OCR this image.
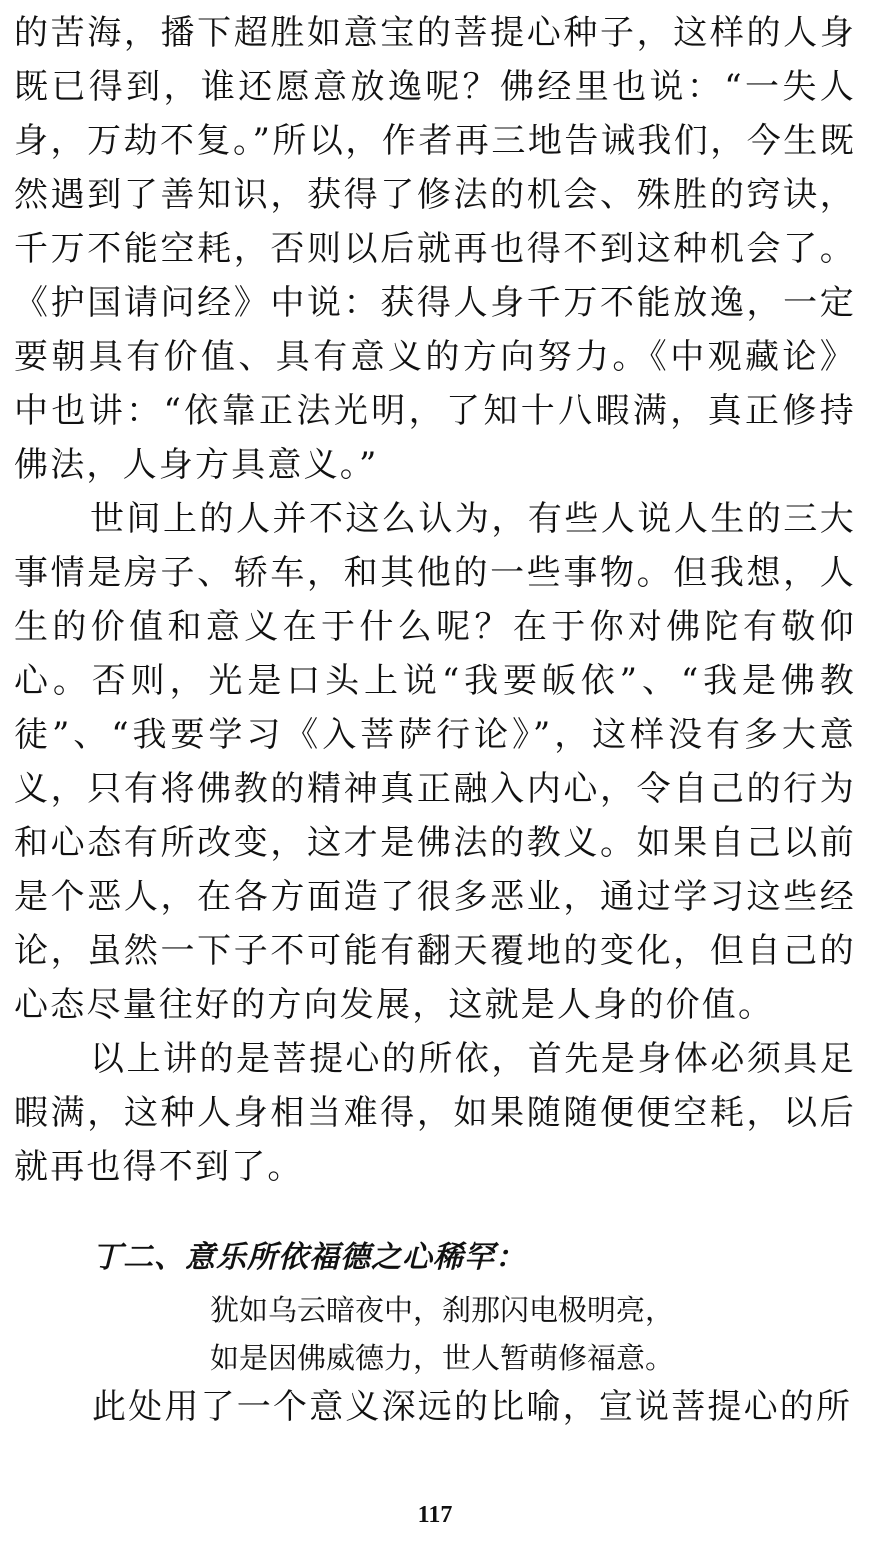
的苦海，播下超胜如意宝的菩提心种子，这样的人身既已得到，谁还愿意放逸呢？佛经里也说：“一失人身，万劫不复。”所以，作者再三地告诫我们，今生既然遇到了善知识，获得了修法的机会、殊胜的窍诀，千万不能空耗，否则以后就再也得不到这种机会了。《护国请问经》中说：获得人身千万不能放逸，一定要朝具有价值、具有意义的方向努力。《中观藏论》中也讲：“依靠正法光明，了知十八暇满，真正修持佛法，人身方具意义。”

世间上的人并不这么认为，有些人说人生的三大事情是房子、轿车，和其他的一些事物。但我想，人生的价值和意义在于什么呢？在于你对佛陀有敬仰心。否则，光是口头上说“我要皈依”、“我是佛教徒”、“我要学习《入菩萨行论》”，这样没有多大意义，只有将佛教的精神真正融入内心，令自己的行为和心态有所改变，这才是佛法的教义。如果自己以前是个恶人，在各方面造了很多恶业，通过学习这些经论，虽然一下子不可能有翻天覆地的变化，但自己的心态尽量往好的方向发展，这就是人身的价值。

以上讲的是菩提心的所依，首先是身体必须具足暇满，这种人身相当难得，如果随随便便空耗，以后就再也得不到了。

丁二、意乐所依福德之心稀罕：

犹如乌云暗夜中，刹那闪电极明亮，

如是因佛威德力，世人暂萌修福意。

此处用了一个意义深远的比喻，宣说菩提心的所

117
